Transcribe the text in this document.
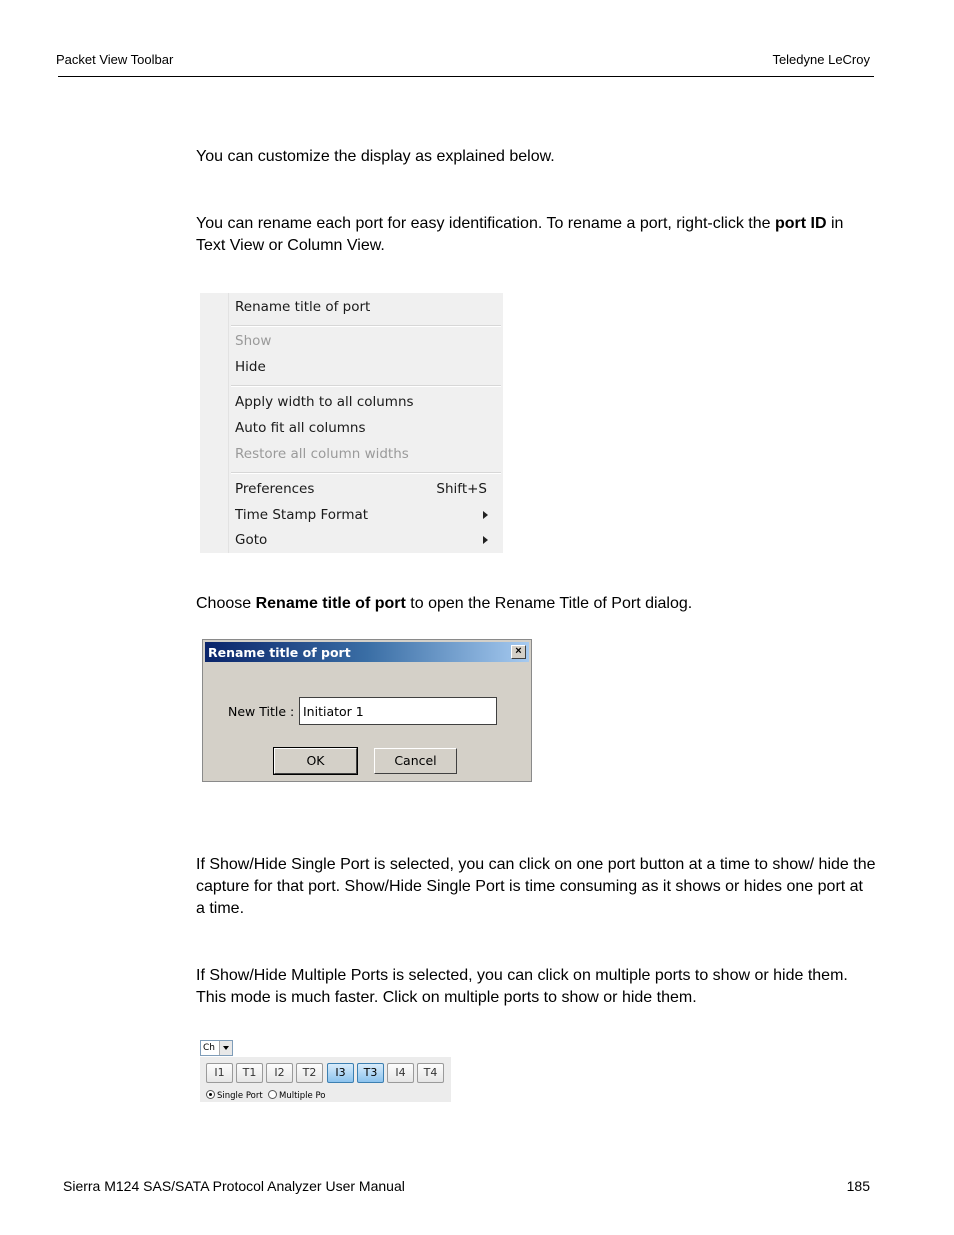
Packet View Toolbar	Teledyne LeCroy
You can customize the display as explained below.
You can rename each port for easy identification. To rename a port, right-click the port ID in Text View or Column View.
Rename title of port
Show
Hide
Apply width to all columns
Auto fit all columns
Restore all column widths
Preferences	Shift+S
Time Stamp Format
Goto
Choose Rename title of port to open the Rename Title of Port dialog.
Rename title of port	×
New Title :
Initiator 1
OK	Cancel
If Show/Hide Single Port is selected, you can click on one port button at a time to show/ hide the capture for that port. Show/Hide Single Port is time consuming as it shows or hides one port at a time.
If Show/Hide Multiple Ports is selected, you can click on multiple ports to show or hide them. This mode is much faster. Click on multiple ports to show or hide them.
Ch
I1	T1	I2	T2	I3	T3	I4	T4
Single Port	Multiple Po
Sierra M124 SAS/SATA Protocol Analyzer User Manual	185
